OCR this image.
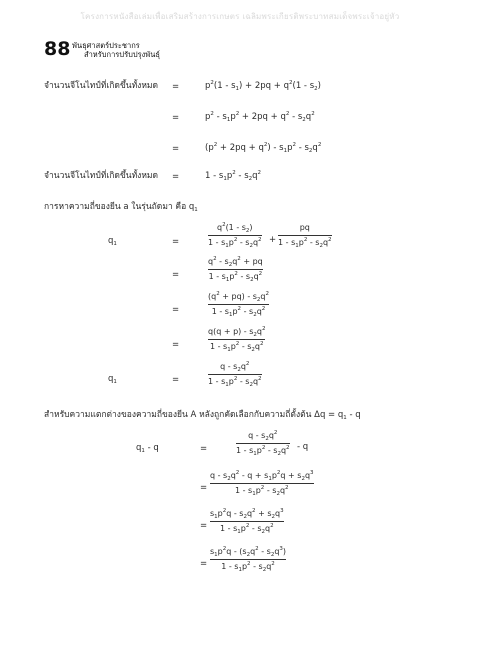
โครงการหนังสือเล่มเพื่อเสริมสร้างการเกษตร เฉลิมพระเกียรติพระบาทสมเด็จพระเจ้าอยู่หัว
88 พันธุศาสตร์ประชากร
สำหรับการปรับปรุงพันธุ์
จำนวนจีโนไทป์ที่เกิดขึ้นทั้งหมด =	$p^2(1 - s_1) + 2pq + q^2(1 - s_2)$
=	$p^2 - s_1p^2 + 2pq + q^2 - s_2q^2$
=	$(p^2 + 2pq + q^2) - s_1p^2 - s_2q^2$
จำนวนจีโนไทป์ที่เกิดขึ้นทั้งหมด =	$1 - s_1p^2 - s_2q^2$
การหาความถี่ของยีน a ในรุ่นถัดมา คือ $q_1$
$q_1$	=
$q^2(1 - s_2)$
$1 - s_1p^2 - s_2q^2$ +
pq
$1 - s_1p^2 - s_2q^2$
=
$q^2 - s_2q^2$ + pq
$1 - s_1p^2 - s_2q^2$
=
$(q^2 + pq) - s_2q^2$
$1 - s_1p^2 - s_2q^2$
=
$q(q + p) - s_2q^2$
$1 - s_1p^2 - s_2q^2$
$q_1$	=
q - $s_2q^2$
$1 - s_1p^2 - s_2q^2$
สำหรับความแตกต่างของความถี่ของยีน A หลังถูกคัดเลือกกับความถี่ตั้งต้น $\Delta q = q_1 - q$
$q_1$ - q	=
q - $s_2q^2$
$1 - s_1p^2 - s_2q^2$ - q
=
$q - s_2q^2 - q + s_1p^2q + s_2q^3$
$1 - s_1p^2 - s_2q^2$
=
$s_1p^2q - s_2q^2 + s_2q^3$
$1 - s_1p^2 - s_2q^2$
=
$s_1p^2q - (s_2q^2 - s_2q^3)$
$1 - s_1p^2 - s_2q^2$
